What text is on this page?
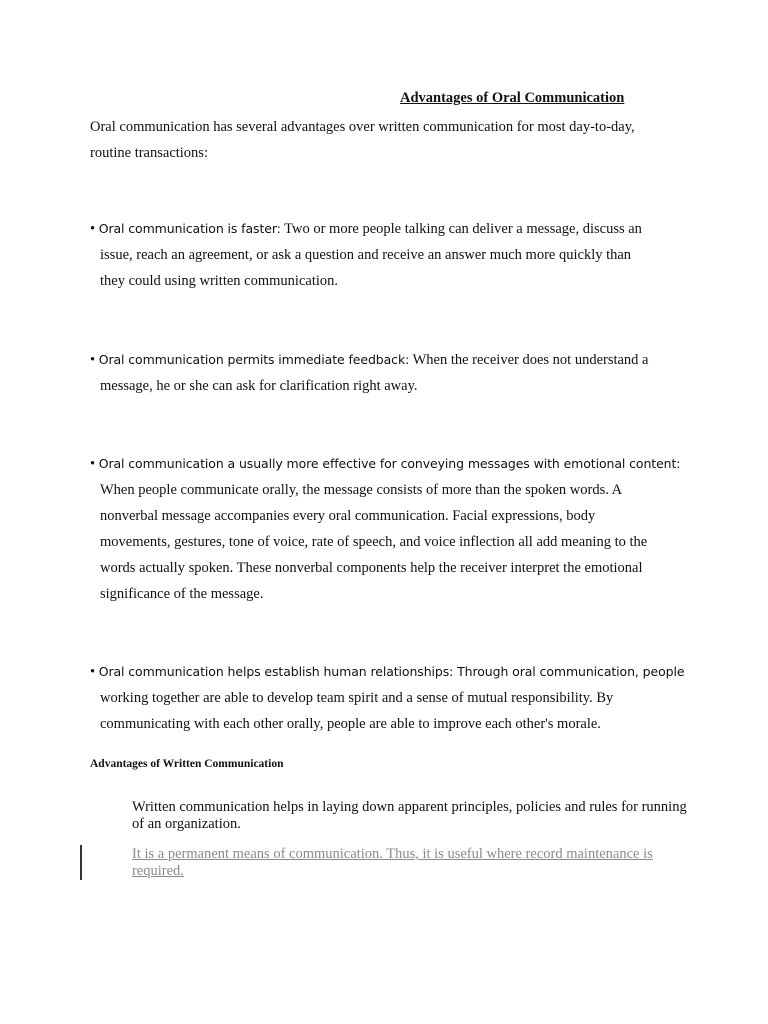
Advantages of Oral Communication
Oral communication has several advantages over written communication for most day-to-day,
routine transactions:
• Oral communication is faster: Two or more people talking can deliver a message, discuss an
issue, reach an agreement, or ask a question and receive an answer much more quickly than
they could using written communication.
• Oral communication permits immediate feedback: When the receiver does not understand a
message, he or she can ask for clarification right away.
• Oral communication a usually more effective for conveying messages with emotional content:
When people communicate orally, the message consists of more than the spoken words. A
nonverbal message accompanies every oral communication. Facial expressions, body
movements, gestures, tone of voice, rate of speech, and voice inflection all add meaning to the
words actually spoken. These nonverbal components help the receiver interpret the emotional
significance of the message.
• Oral communication helps establish human relationships: Through oral communication, people
working together are able to develop team spirit and a sense of mutual responsibility. By
communicating with each other orally, people are able to improve each other's morale.
Advantages of Written Communication
Written communication helps in laying down apparent principles, policies and rules for running of an organization.
It is a permanent means of communication. Thus, it is useful where record maintenance is required.
